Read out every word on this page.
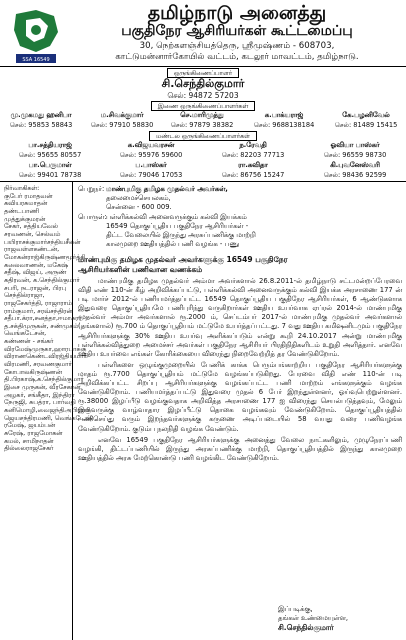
SSA 16549
தமிழ்நாடு அனைத்து
பகுதிநேர ஆசிரியர்கள் கூட்டமைப்பு
30, நெற்களஞ்சியத்தெரு, ஸ்ரீமுஷ்ணம் - 608703,
காட்டுமன்னார்கோயில் வட்டம், கடலூர் மாவட்டம், தமிழ்நாடு.
ஒருங்கிணைப்பாளர்
சி.செந்தில்குமார்
செல்: 94872 57203
இணை ஒருங்கிணைப்பாளர்கள்
மு.முகமது ஹனிபா	ம.சிவக்குமார்	செ.மாரிமுத்து	க.பாக்யராஜ்	கே.பழனிவேல்
செல்: 95853 58843	செல்: 97910 58830	செல்: 97879 38382	செல்: 9688138184	செல்: 81489 15415
மண்டல ஒருங்கிணைப்பாளர்கள்
பா.சத்தியராஜ்	க.விஜயவரசன்	ந.ரேவதி	ஓவியா பாஸ்கர்
செல்: 95655 80557	செல்: 95976 59600	செல்: 82203 77713	செல்: 96559 98730
பா.பெருமாள்	ப.பாஸ்கர்	ரா.கவிதா	கி.புவனேஸ்வரி
செல்: 99401 78738	செல்: 79046 17053	செல்: 86756 15247	செல்: 98436 92599
நிர்வாகிகள்:
குபேர் ரமாதவன்
கவியரசுமாதன்
தண்டபாணி
முத்துக்குமரன்
சேகர், சத்தியவேல்
சரவணன், செல்வம்
பயிராசக்குமார்சந்தியசீலன்
ராஜவள்ளகண்டன்,
மோகன்ராஜ்கிருஷ்ணமூர்த்தி
கலைவாணன், மகேஷ்
சதீஷ், விஜய், அருண்
கதிரவன், க.செந்தில்குமார்
சபரி, நடராஜன், பிரபு
செந்தில்ராஜா,
ராஜசேகர்த்தி, ராஜாராம்
ராம்குமார், சரவ்சந்திரன்
சதீபா.க்ரா,சனத்தா,ஈமாசுரா
த.சக்திமுருகன், சண்முகம்
வெங்கடேசன்,
கண்ணன் - சங்கர்
விரமேஷ்முருகா,ஹாரபாசுகு
விராணகெண்டவிரஜ்தியமார்
விரமணி, சரவணகுமார்
கோபாலகிருஷ்ணன்
தி.பிரகாஷ்,க.செந்தில்குமார்
இசை முருகன், வீரசேகரன்
அழகர், சங்கீதா, இந்திரா
நேருஜி, சுபத்ரா, பார்வதி
கனிமொழி,வைஜந்திஅபிராமி
ஜெயசந்திரமணி, வெங்கடேஷ்
ரமேஷ், ஜயம்பன்
சுரேஷ், ராஜமோகன்
கமல், சாமிநாதன்
தில்லைராஜசேகர்
பெறுநர்: மாண்புமிகு தமிழக முதல்வர் அவர்கள்,
தலைமைச்செயலகம்,
சென்னை - 600 009.
பொருள்: பள்ளிக்கல்வி அனைவருக்கும் கல்வி இயக்கம்
16549 தொகுப்பூதிய பகுதிநேர ஆசிரியர்கள் -
திட்ட வேலையில் இருந்து அரசுப்பணிக்கு மாற்றி
காலமுறை ஊதியத்தில் பணி வழங்க - பணு
மாண்புமிகு தமிழக முதல்வர் அவர்களுக்கு 16549 பகுதிநேர
ஆசிரியர்களின் பணிவான வணக்கம்
மாண்புமிகு தமிழக முதல்வர் அம்மா அவர்களால் 26.8.2011-ல் தமிழ்நாடு சட்டமன்றப்பேரவை விதி எண் 110-ன் கீழ் அறிவிக்கப்பட்டு, பள்ளிக்கல்வி அனைவருக்கும் கல்வி இயக்க அரசாணை 177 ன் படி மார்ச் 2012-ல் பணியமர்த்தப்பட்ட 16549 தொகுப்பூதிய பகுதிநேர ஆசிரியர்கள், 6 ஆண்டுகளாக இதுவரை தொகுப்பூதியமே பணிபுரிந்து வருகிறார்கள் ஊதிய உயர்வாக ஏப்ரல் 2014-ல் மாண்புமிகு முதல்வர் அம்மா அவர்களால் ரூ.2000 ம், செப்டம்பர் 2017-ல் மாண்புமிகு முதல்வர் அவர்களால் (தங்களால்) ரூ.700 ம் தொகுப்பூதியம் மட்டுமே உயர்த்தப்பட்டது. 7 வது ஊதிய கமிஷனிடமும் பகுதிநேர ஆசிரியர்களுக்கு 30% ஊதிய உயர்வு அளிக்கப்படும் என்று கூறி 24.10.2017 அன்று மாண்புமிகு பள்ளிக்கல்வித்துறை அமைச்சர் அவர்கள் பகுதிநேர ஆசிரியர் பிரதிநிதிகளிடம் உறுதி அளித்தார். எனவே ஊதிய உயர்வை எங்கள் கோரிக்கையை விரைந்து நிறைவேற்றித் தர வேண்டுகிறோம்.
பள்ளிகளை ஒழுங்குமுறையில் பேணிக் காக்க பெரும்பங்காற்றிய பகுதிநேர ஆசிரியர்களுக்கு மாதம் ரூ.7700 தொகுப்பூதியம் மட்டுமே வழங்கப்படுகிறது. பேரவை விதி எண் 110-ன் படி அறிவிக்கப்பட்ட சிறப்பு ஆசிரியர்களுக்கு வழங்கப்பட்ட பணி மாற்றம் எங்களுக்கும் வழங்க வேண்டுகிறோம். பணியமர்த்தப்பட்டு இதுவரை முதல் 6 பேர் இறந்துள்ளனர், ஓய்வுபெற்றுள்ளனர். ரூ.38000 இழப்பீடு வழங்குவதாக அறிவித்த அரசாணை 177 ஐ விரைந்து செயல்படுத்தவும், மேலும் இருவருக்கு வாழ்வாதார இழப்பீட்டு தொகை வழங்கவும் வேண்டுகிறோம். தொகுப்பூதியத்தில் பணிசெய்து வரும் இறந்தவர்களுக்கு கருணை அடிப்படையில் 58 வயது வரை பணிவழங்க வேண்டுகிறோம். குடும்ப நலநிதி வழங்க வேண்டும்.
எனவே 16549 பகுதிநேர ஆசிரியர்களுக்கு அனைத்து வேலை நாட்களிலும், முழுநேரப்பணி வழங்கி, திட்டப்பணியில் இருந்து அரசுப்பணிக்கு மாற்றி, தொகுப்பூதியத்தில் இருந்து காலமுறை ஊதியத்தில் அரசு மேற்கொண்டு பணி வழங்கிட வேண்டுகிறோம்.
இப்படிக்கு,
தங்கள் உண்மையுள்ள,
சி.செந்தில்குமார்
